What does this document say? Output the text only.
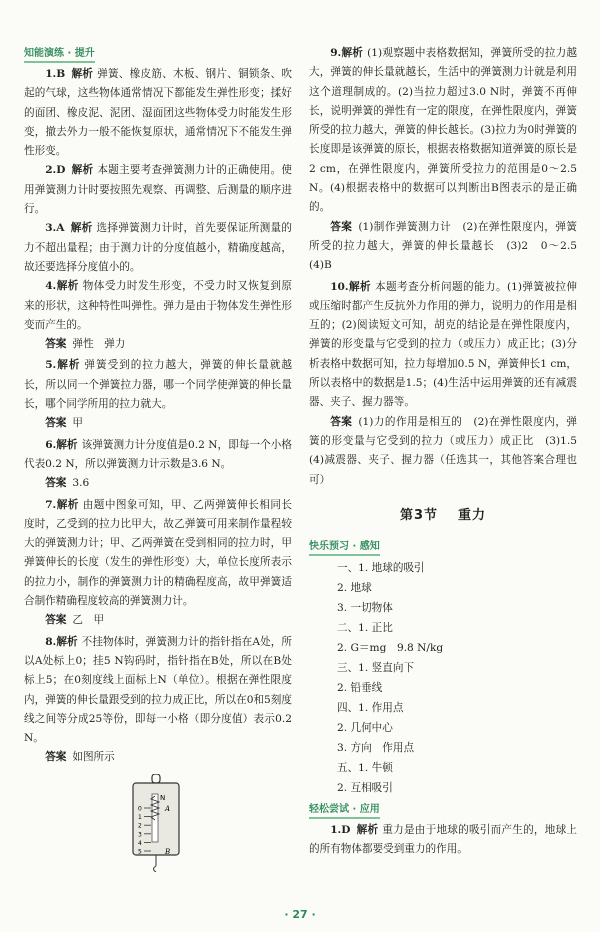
知能演练 · 提升

1.B 解析 弹簧、橡皮筋、木板、钢片、铜锁条、吹起的气球，这些物体通常情况下都能发生弹性形变；揉好的面团、橡皮泥、泥团、湿面团这些物体受力时能发生形变，撤去外力一般不能恢复原状，通常情况下不能发生弹性形变。

2.D 解析 本题主要考查弹簧测力计的正确使用。使用弹簧测力计时要按照先观察、再调整、后测量的顺序进行。

3.A 解析 选择弹簧测力计时，首先要保证所测量的力不超出量程；由于测力计的分度值越小，精确度越高，故还要选择分度值小的。

4.解析 物体受力时发生形变，不受力时又恢复到原来的形状，这种特性叫弹性。弹力是由于物体发生弹性形变而产生的。

答案 弹性　弹力

5.解析 弹簧受到的拉力越大，弹簧的伸长量就越长，所以同一个弹簧拉力器，哪一个同学使弹簧的伸长量长，哪个同学所用的拉力就大。

答案 甲

6.解析 该弹簧测力计分度值是0.2 N，即每一个小格代表0.2 N，所以弹簧测力计示数是3.6 N。

答案 3.6

7.解析 由题中图象可知，甲、乙两弹簧伸长相同长度时，乙受到的拉力比甲大，故乙弹簧可用来制作量程较大的弹簧测力计；甲、乙两弹簧在受到相同的拉力时，甲弹簧伸长的长度（发生的弹性形变）大，单位长度所表示的拉力小，制作的弹簧测力计的精确程度高，故甲弹簧适合制作精确程度较高的弹簧测力计。

答案 乙　甲

8.解析 不挂物体时，弹簧测力计的指针指在A处，所以A处标上0；挂5 N钩码时，指针指在B处，所以在B处标上5；在0刻度线上面标上N（单位）。根据在弹性限度内，弹簧的伸长量跟受到的拉力成正比，所以在0和5刻度线之间等分成25等份，即每一小格（即分度值）表示0.2 N。

答案 如图所示

N
0
1
2
3
4
5
A
B

9.解析 (1)观察题中表格数据知，弹簧所受的拉力越大，弹簧的伸长量就越长，生活中的弹簧测力计就是利用这个道理制成的。(2)当拉力超过3.0 N时，弹簧不再伸长，说明弹簧的弹性有一定的限度，在弹性限度内，弹簧所受的拉力越大，弹簧的伸长越长。(3)拉力为0时弹簧的长度即是该弹簧的原长，根据表格数据知道弹簧的原长是2 cm，在弹性限度内，弹簧所受拉力的范围是0～2.5 N。(4)根据表格中的数据可以判断出B图表示的是正确的。

答案 (1)制作弹簧测力计　(2)在弹性限度内，弹簧所受的拉力越大，弹簧的伸长量越长　(3)2　0～2.5　(4)B

10.解析 本题考查分析问题的能力。(1)弹簧被拉伸或压缩时都产生反抗外力作用的弹力，说明力的作用是相互的；(2)阅读短文可知，胡克的结论是在弹性限度内，弹簧的形变量与它受到的拉力（或压力）成正比；(3)分析表格中数据可知，拉力每增加0.5 N，弹簧伸长1 cm，所以表格中的数据是1.5；(4)生活中运用弹簧的还有减震器、夹子、握力器等。

答案 (1)力的作用是相互的　(2)在弹性限度内，弹簧的形变量与它受到的拉力（或压力）成正比　(3)1.5　(4)减震器、夹子、握力器（任选其一，其他答案合理也可）

第3节 重力
快乐预习 · 感知
一、1. 地球的吸引
2. 地球
3. 一切物体
二、1. 正比
2. G＝mg　9.8 N/kg
三、1. 竖直向下
2. 铅垂线
四、1. 作用点
2. 几何中心
3. 方向　作用点
五、1. 牛顿
2. 互相吸引
轻松尝试 · 应用

1.D 解析 重力是由于地球的吸引而产生的，地球上的所有物体都要受到重力的作用。

· 27 ·
